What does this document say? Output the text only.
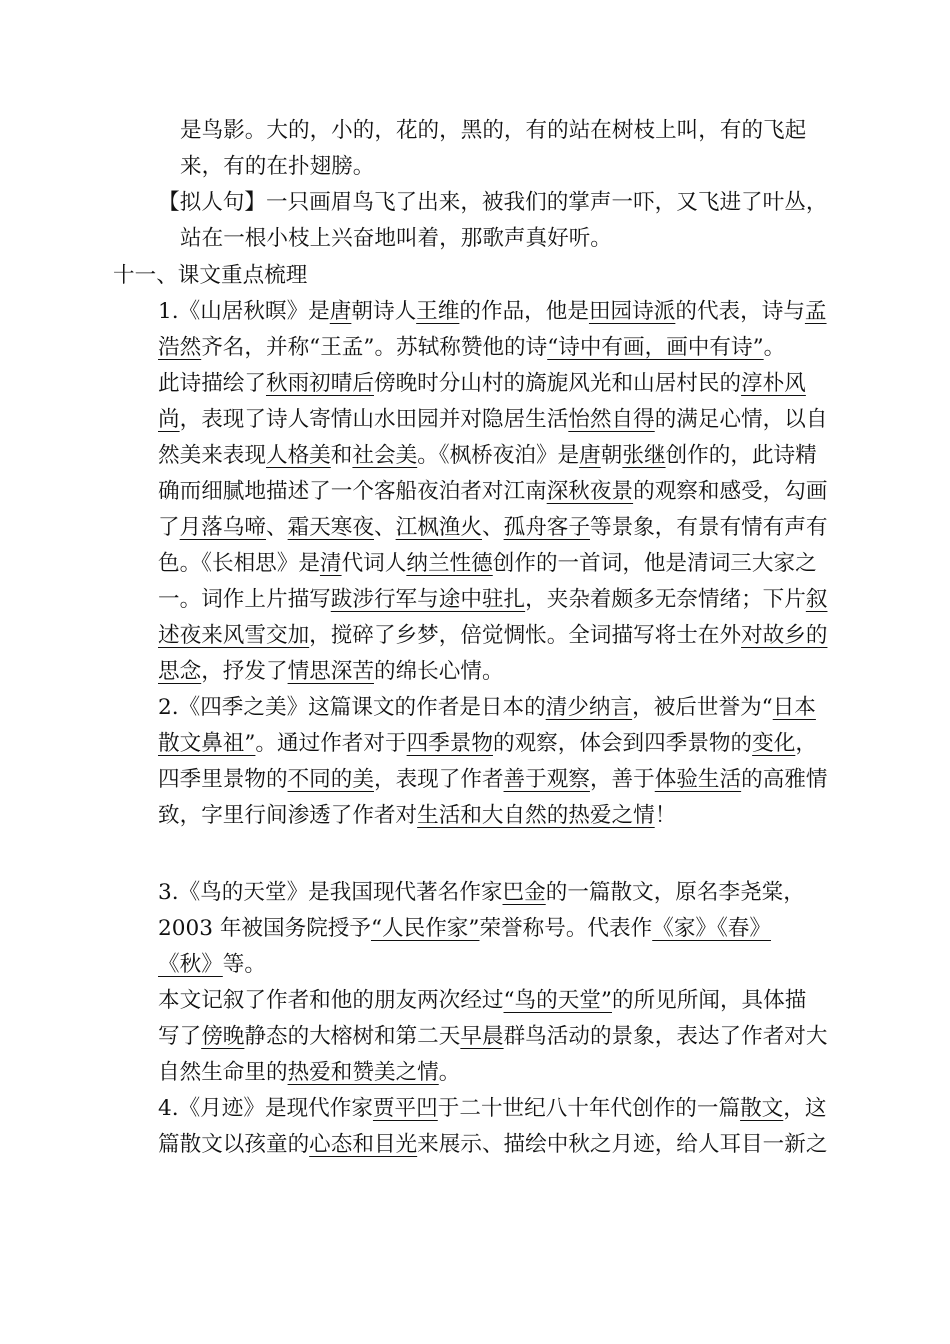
是鸟影。大的，小的，花的，黑的，有的站在树枝上叫，有的飞起

来，有的在扑翅膀。

【拟人句】一只画眉鸟飞了出来，被我们的掌声一吓，又飞进了叶丛，

站在一根小枝上兴奋地叫着，那歌声真好听。

十一、课文重点梳理

1.《山居秋暝》是唐朝诗人王维的作品，他是田园诗派的代表，诗与孟

浩然齐名，并称“王孟”。苏轼称赞他的诗“诗中有画，画中有诗”。

此诗描绘了秋雨初晴后傍晚时分山村的旖旎风光和山居村民的淳朴风

尚，表现了诗人寄情山水田园并对隐居生活怡然自得的满足心情，以自

然美来表现人格美和社会美。《枫桥夜泊》是唐朝张继创作的，此诗精

确而细腻地描述了一个客船夜泊者对江南深秋夜景的观察和感受，勾画

了月落乌啼、霜天寒夜、江枫渔火、孤舟客子等景象，有景有情有声有

色。《长相思》是清代词人纳兰性德创作的一首词，他是清词三大家之

一。词作上片描写跋涉行军与途中驻扎，夹杂着颇多无奈情绪；下片叙

述夜来风雪交加，搅碎了乡梦，倍觉惆怅。全词描写将士在外对故乡的

思念，抒发了情思深苦的绵长心情。

2.《四季之美》这篇课文的作者是日本的清少纳言，被后世誉为“日本

散文鼻祖”。通过作者对于四季景物的观察，体会到四季景物的变化，

四季里景物的不同的美，表现了作者善于观察，善于体验生活的高雅情

致，字里行间渗透了作者对生活和大自然的热爱之情！

3.《鸟的天堂》是我国现代著名作家巴金的一篇散文，原名李尧棠，

2003 年被国务院授予“人民作家”荣誉称号。代表作《家》《春》

《秋》等。

本文记叙了作者和他的朋友两次经过“鸟的天堂”的所见所闻，具体描

写了傍晚静态的大榕树和第二天早晨群鸟活动的景象，表达了作者对大

自然生命里的热爱和赞美之情。

4.《月迹》是现代作家贾平凹于二十世纪八十年代创作的一篇散文，这

篇散文以孩童的心态和目光来展示、描绘中秋之月迹，给人耳目一新之
